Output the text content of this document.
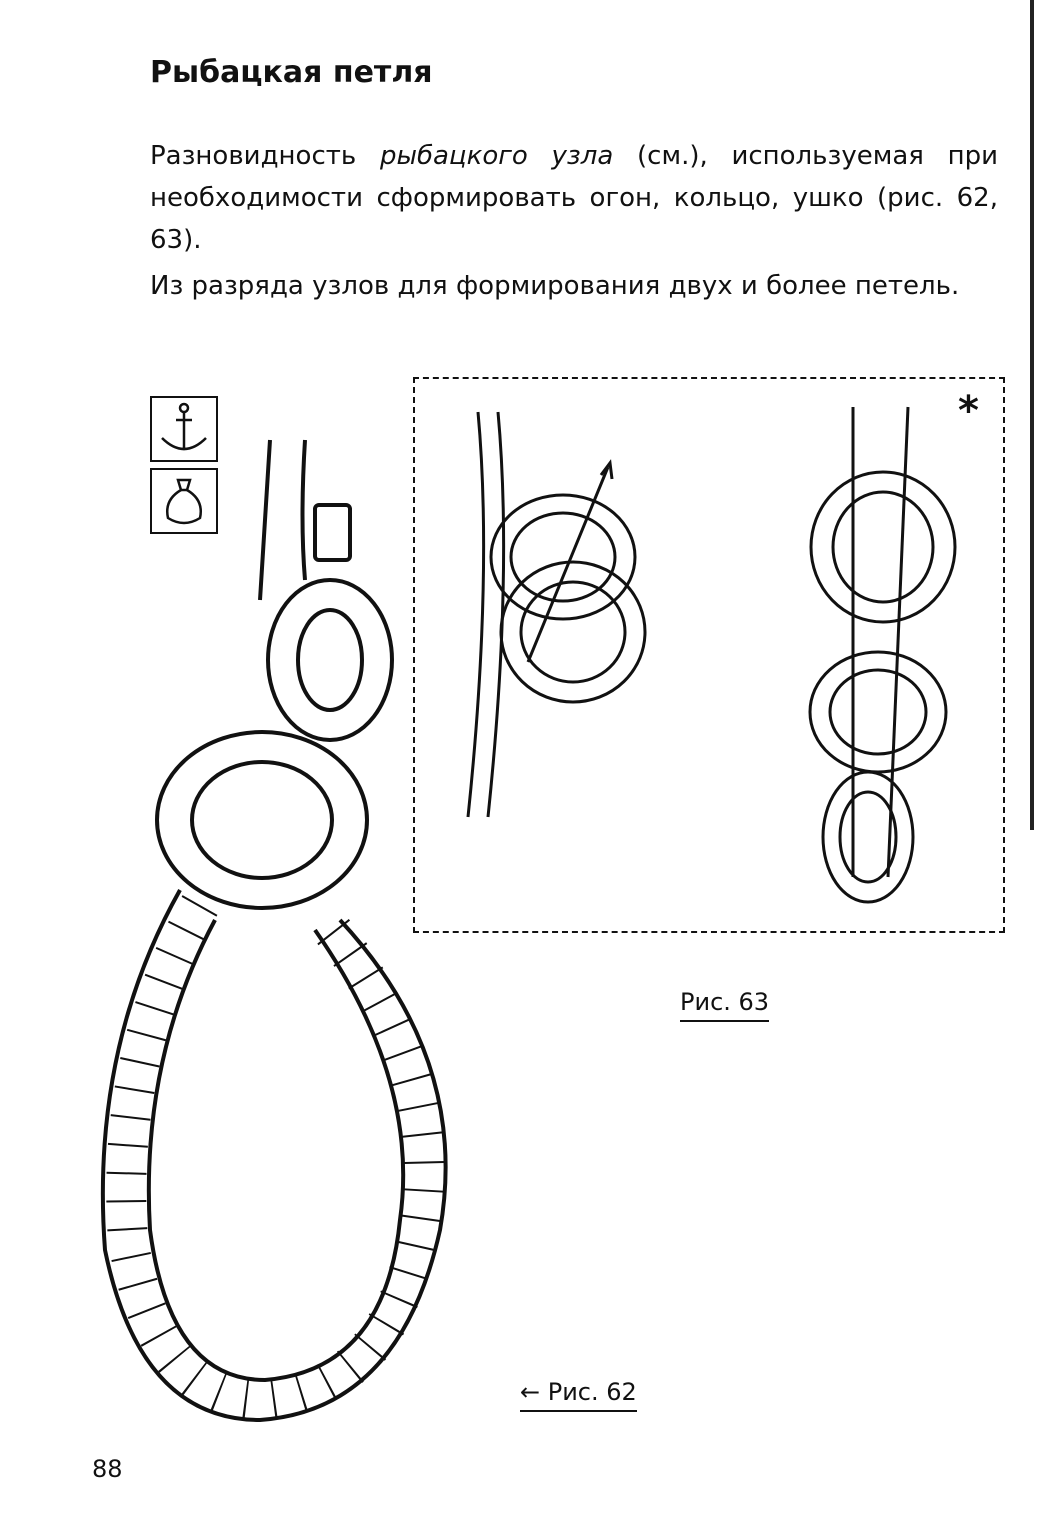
Рыбацкая петля
Разновидность рыбацкого узла (см.), используемая при необходимости сформировать огон, кольцо, ушко (рис. 62, 63).
Из разряда узлов для формирования двух и более петель.
*
Рис. 63
← Рис. 62
88
